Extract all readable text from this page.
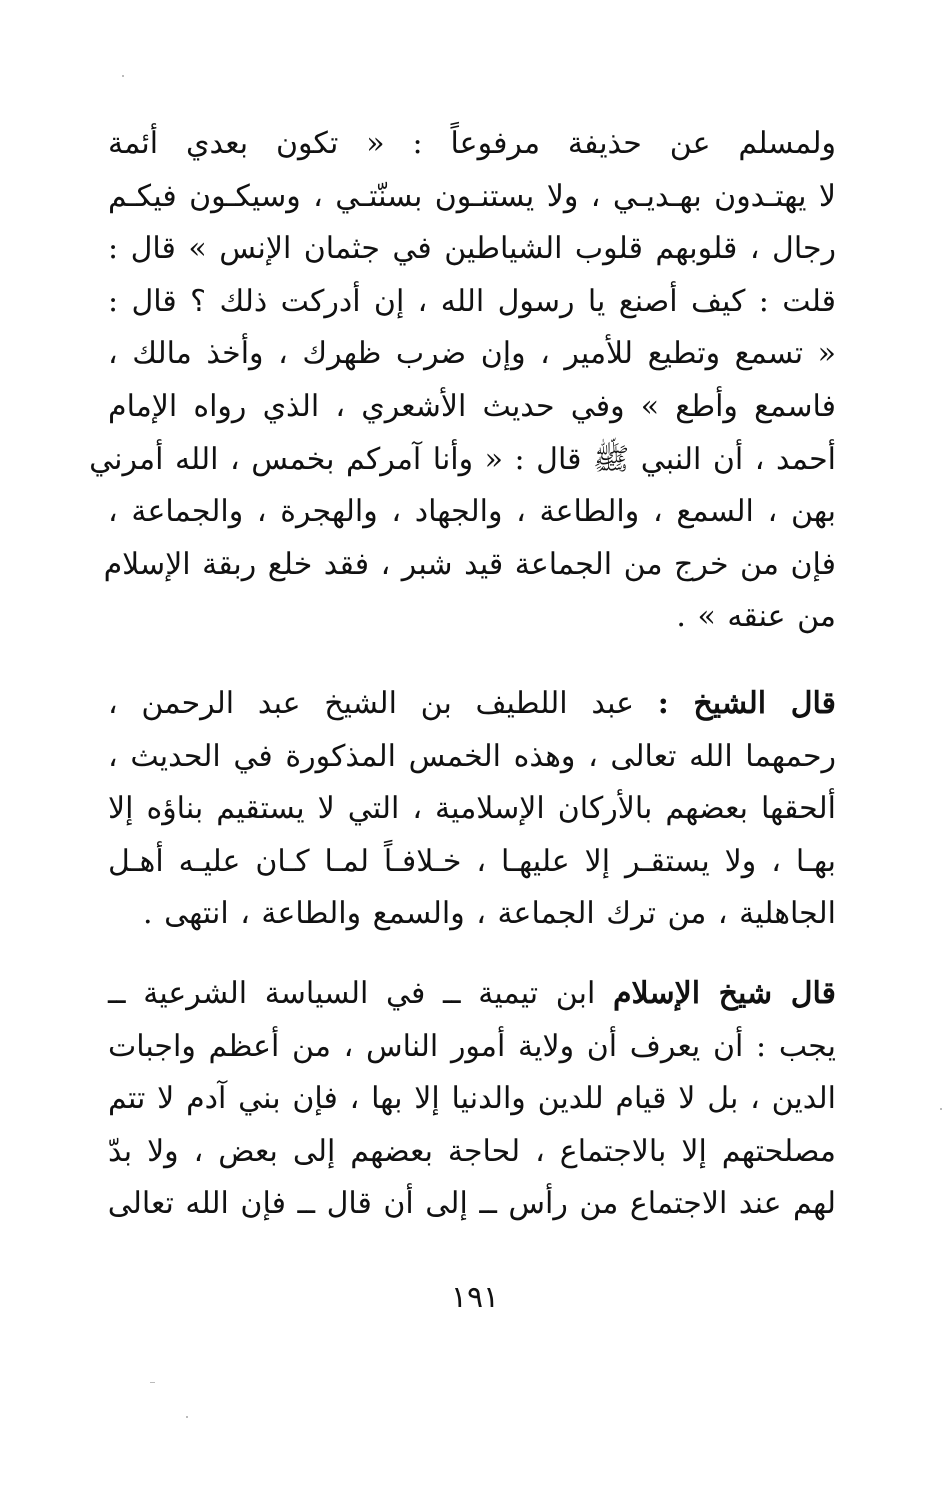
ولمسلم عن حذيفة مرفوعاً : « تكون بعدي أئمة
لا يهتـدون بهـديـي ، ولا يستنـون بسنّتـي ، وسيكـون فيكـم
رجال ، قلوبهم قلوب الشياطين في جثمان الإنس » قال :
قلت : كيف أصنع يا رسول الله ، إن أدركت ذلك ؟ قال :
« تسمع وتطيع للأمير ، وإن ضرب ظهرك ، وأخذ مالك ،
فاسمع وأطع » وفي حديث الأشعري ، الذي رواه الإمام
أحمد ، أن النبي ﷺ قال : « وأنا آمركم بخمس ، الله أمرني
بهن ، السمع ، والطاعة ، والجهاد ، والهجرة ، والجماعة ،
فإن من خرج من الجماعة قيد شبر ، فقد خلع ربقة الإسلام
من عنقه » .
قال الشيخ : عبد اللطيف بن الشيخ عبد الرحمن ،
رحمهما الله تعالى ، وهذه الخمس المذكورة في الحديث ،
ألحقها بعضهم بالأركان الإسلامية ، التي لا يستقيم بناؤه إلا
بهـا ، ولا يستقـر إلا عليهـا ، خـلافـاً لمـا كـان عليـه أهـل
الجاهلية ، من ترك الجماعة ، والسمع والطاعة ، انتهى .
قال شيخ الإسلام ابن تيمية ــ في السياسة الشرعية ــ
يجب : أن يعرف أن ولاية أمور الناس ، من أعظم واجبات
الدين ، بل لا قيام للدين والدنيا إلا بها ، فإن بني آدم لا تتم
مصلحتهم إلا بالاجتماع ، لحاجة بعضهم إلى بعض ، ولا بدّ
لهم عند الاجتماع من رأس ــ إلى أن قال ــ فإن الله تعالى
١٩١
